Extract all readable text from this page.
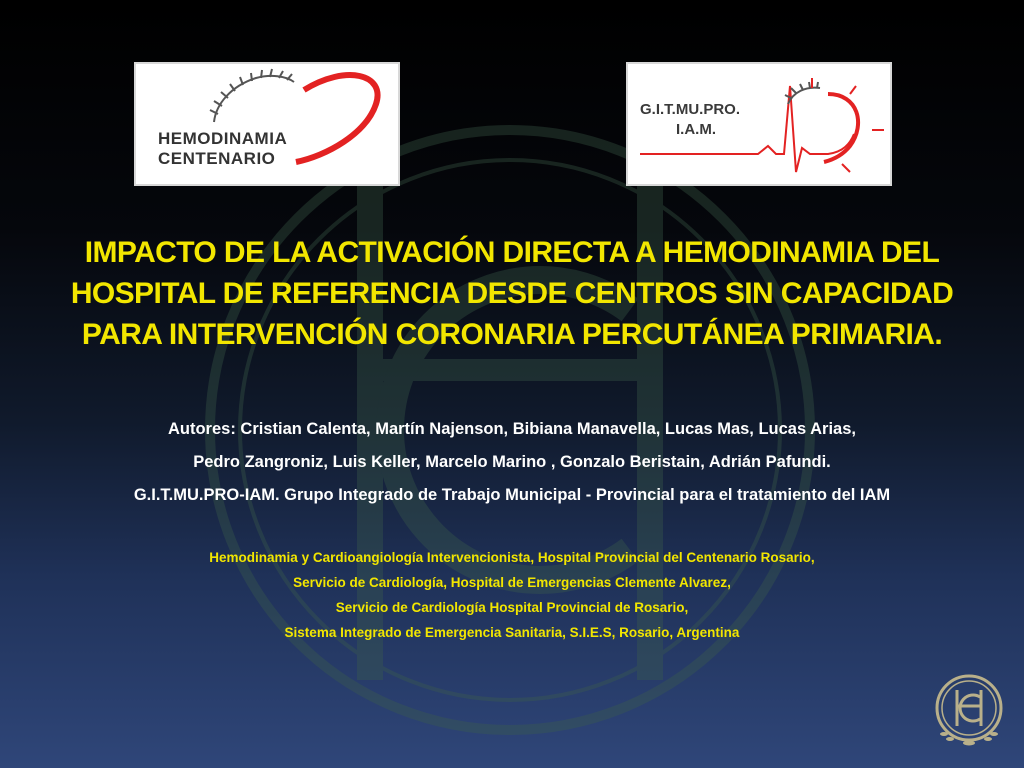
HEMODINAMIA
CENTENARIO
G.I.T.MU.PRO.
I.A.M.
IMPACTO DE LA ACTIVACIÓN DIRECTA A HEMODINAMIA DEL
HOSPITAL DE REFERENCIA DESDE CENTROS SIN CAPACIDAD
PARA INTERVENCIÓN CORONARIA PERCUTÁNEA PRIMARIA.
Autores: Cristian Calenta, Martín Najenson, Bibiana Manavella, Lucas Mas, Lucas Arias,
Pedro Zangroniz, Luis Keller, Marcelo Marino , Gonzalo Beristain, Adrián Pafundi.
G.I.T.MU.PRO-IAM. Grupo Integrado de Trabajo Municipal - Provincial para el tratamiento del IAM
Hemodinamia y Cardioangiología Intervencionista, Hospital Provincial del Centenario Rosario,
Servicio de Cardiología, Hospital de Emergencias Clemente Alvarez,
Servicio de Cardiología Hospital Provincial de Rosario,
Sistema Integrado de Emergencia Sanitaria, S.I.E.S, Rosario, Argentina
